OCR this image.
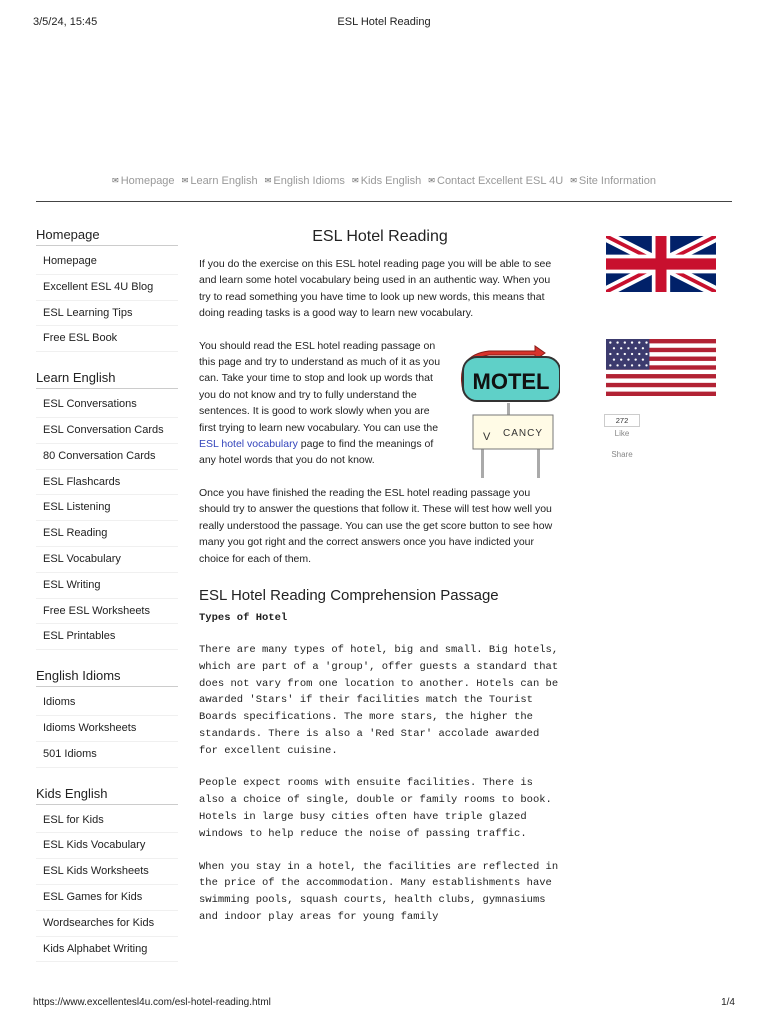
3/5/24, 15:45	ESL Hotel Reading
✉ Homepage ✉ Learn English ✉ English Idioms ✉ Kids English ✉ Contact Excellent ESL 4U ✉ Site Information
Homepage
Homepage
Excellent ESL 4U Blog
ESL Learning Tips
Free ESL Book
Learn English
ESL Conversations
ESL Conversation Cards
80 Conversation Cards
ESL Flashcards
ESL Listening
ESL Reading
ESL Vocabulary
ESL Writing
Free ESL Worksheets
ESL Printables
English Idioms
Idioms
Idioms Worksheets
501 Idioms
Kids English
ESL for Kids
ESL Kids Vocabulary
ESL Kids Worksheets
ESL Games for Kids
Wordsearches for Kids
Kids Alphabet Writing
ESL Hotel Reading

If you do the exercise on this ESL hotel reading page you will be able to see and learn some hotel vocabulary being used in an authentic way. When you try to read something you have time to look up new words, this means that doing reading tasks is a good way to learn new vocabulary.

You should read the ESL hotel reading passage on this page and try to understand as much of it as you can. Take your time to stop and look up words that you do not know and try to fully understand the sentences. It is good to work slowly when you are first trying to learn new vocabulary. You can use the ESL hotel vocabulary page to find the meanings of any hotel words that you do not know.

MOTEL
V CANCY

Once you have finished the reading the ESL hotel reading passage you should try to answer the questions that follow it. These will test how well you really understood the passage. You can use the get score button to see how many you got right and the correct answers once you have indicted your choice for each of them.

ESL Hotel Reading Comprehension Passage
Types of Hotel
There are many types of hotel, big and small. Big hotels, which are part of a 'group', offer guests a standard that does not vary from one location to another. Hotels can be awarded 'Stars' if their facilities match the Tourist Boards specifications. The more stars, the higher the standards. There is also a 'Red Star' accolade awarded for excellent cuisine.
People expect rooms with ensuite facilities. There is also a choice of single, double or family rooms to book. Hotels in large busy cities often have triple glazed windows to help reduce the noise of passing traffic.
When you stay in a hotel, the facilities are reflected in the price of the accommodation. Many establishments have swimming pools, squash courts, health clubs, gymnasiums and indoor play areas for young family
272
Like
Share
https://www.excellentesl4u.com/esl-hotel-reading.html	1/4
